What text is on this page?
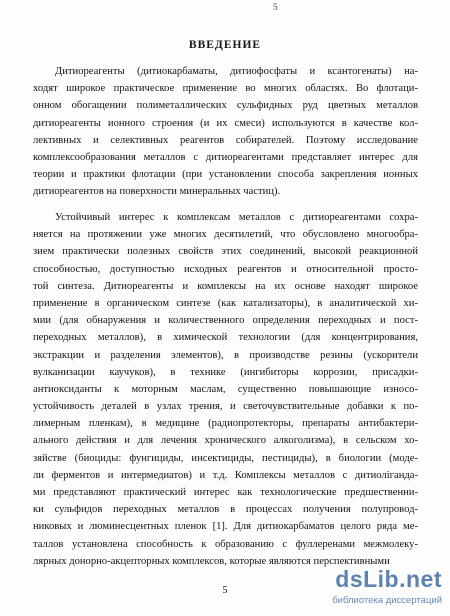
5
ВВЕДЕНИЕ
Дитиореагенты (дитиокарбаматы, дитиофосфаты и ксантогенаты) на-
ходят широкое практическое применение во многих областях. Во флотаци-
онном обогащении полиметаллических сульфидных руд цветных металлов
дитиореагенты ионного строения (и их смеси) используются в качестве кол-
лективных и селективных реагентов собирателей. Поэтому исследование
комплексообразования металлов с дитиореагентами представляет интерес для
теории и практики флотации (при установлении способа закрепления ионных
дитиореагентов на поверхности минеральных частиц).
Устойчивый интерес к комплексам металлов с дитиореагентами сохра-
няется на протяжении уже многих десятилетий, что обусловлено многообра-
зием практически полезных свойств этих соединений, высокой реакционной
способностью, доступностью исходных реагентов и относительной просто-
той синтеза. Дитиореагенты и комплексы на их основе находят широкое
применение в органическом синтезе (как катализаторы), в аналитической хи-
мии (для обнаружения и количественного определения переходных и пост-
переходных металлов), в химической технологии (для концентрирования,
экстракции и разделения элементов), в производстве резины (ускорители
вулканизации каучуков), в технике (ингибиторы коррозии, присадки-
антиоксиданты к моторным маслам, существенно повышающие износо-
устойчивость деталей в узлах трения, и светочувствительные добавки к по-
лимерным пленкам), в медицине (радиопротекторы, препараты антибактери-
ального действия и для лечения хронического алкоголизма), в сельском хо-
зяйстве (биоциды: фунгициды, инсектициды, пестициды), в биологии (моде-
ли ферментов и интермедиатов) и т.д. Комплексы металлов с дитиоліганда-
ми представляют практический интерес как технологические предшественни-
ки сульфидов переходных металлов в процессах получения полупровод-
никовых и люминесцентных пленок [1]. Для дитиокарбаматов целого ряда ме-
таллов установлена способность к образованию с фуллеренами межмолеку-
лярных донорно-акцепторных комплексов, которые являются перспективными
5	dsLib.net
библиотека диссертаций
